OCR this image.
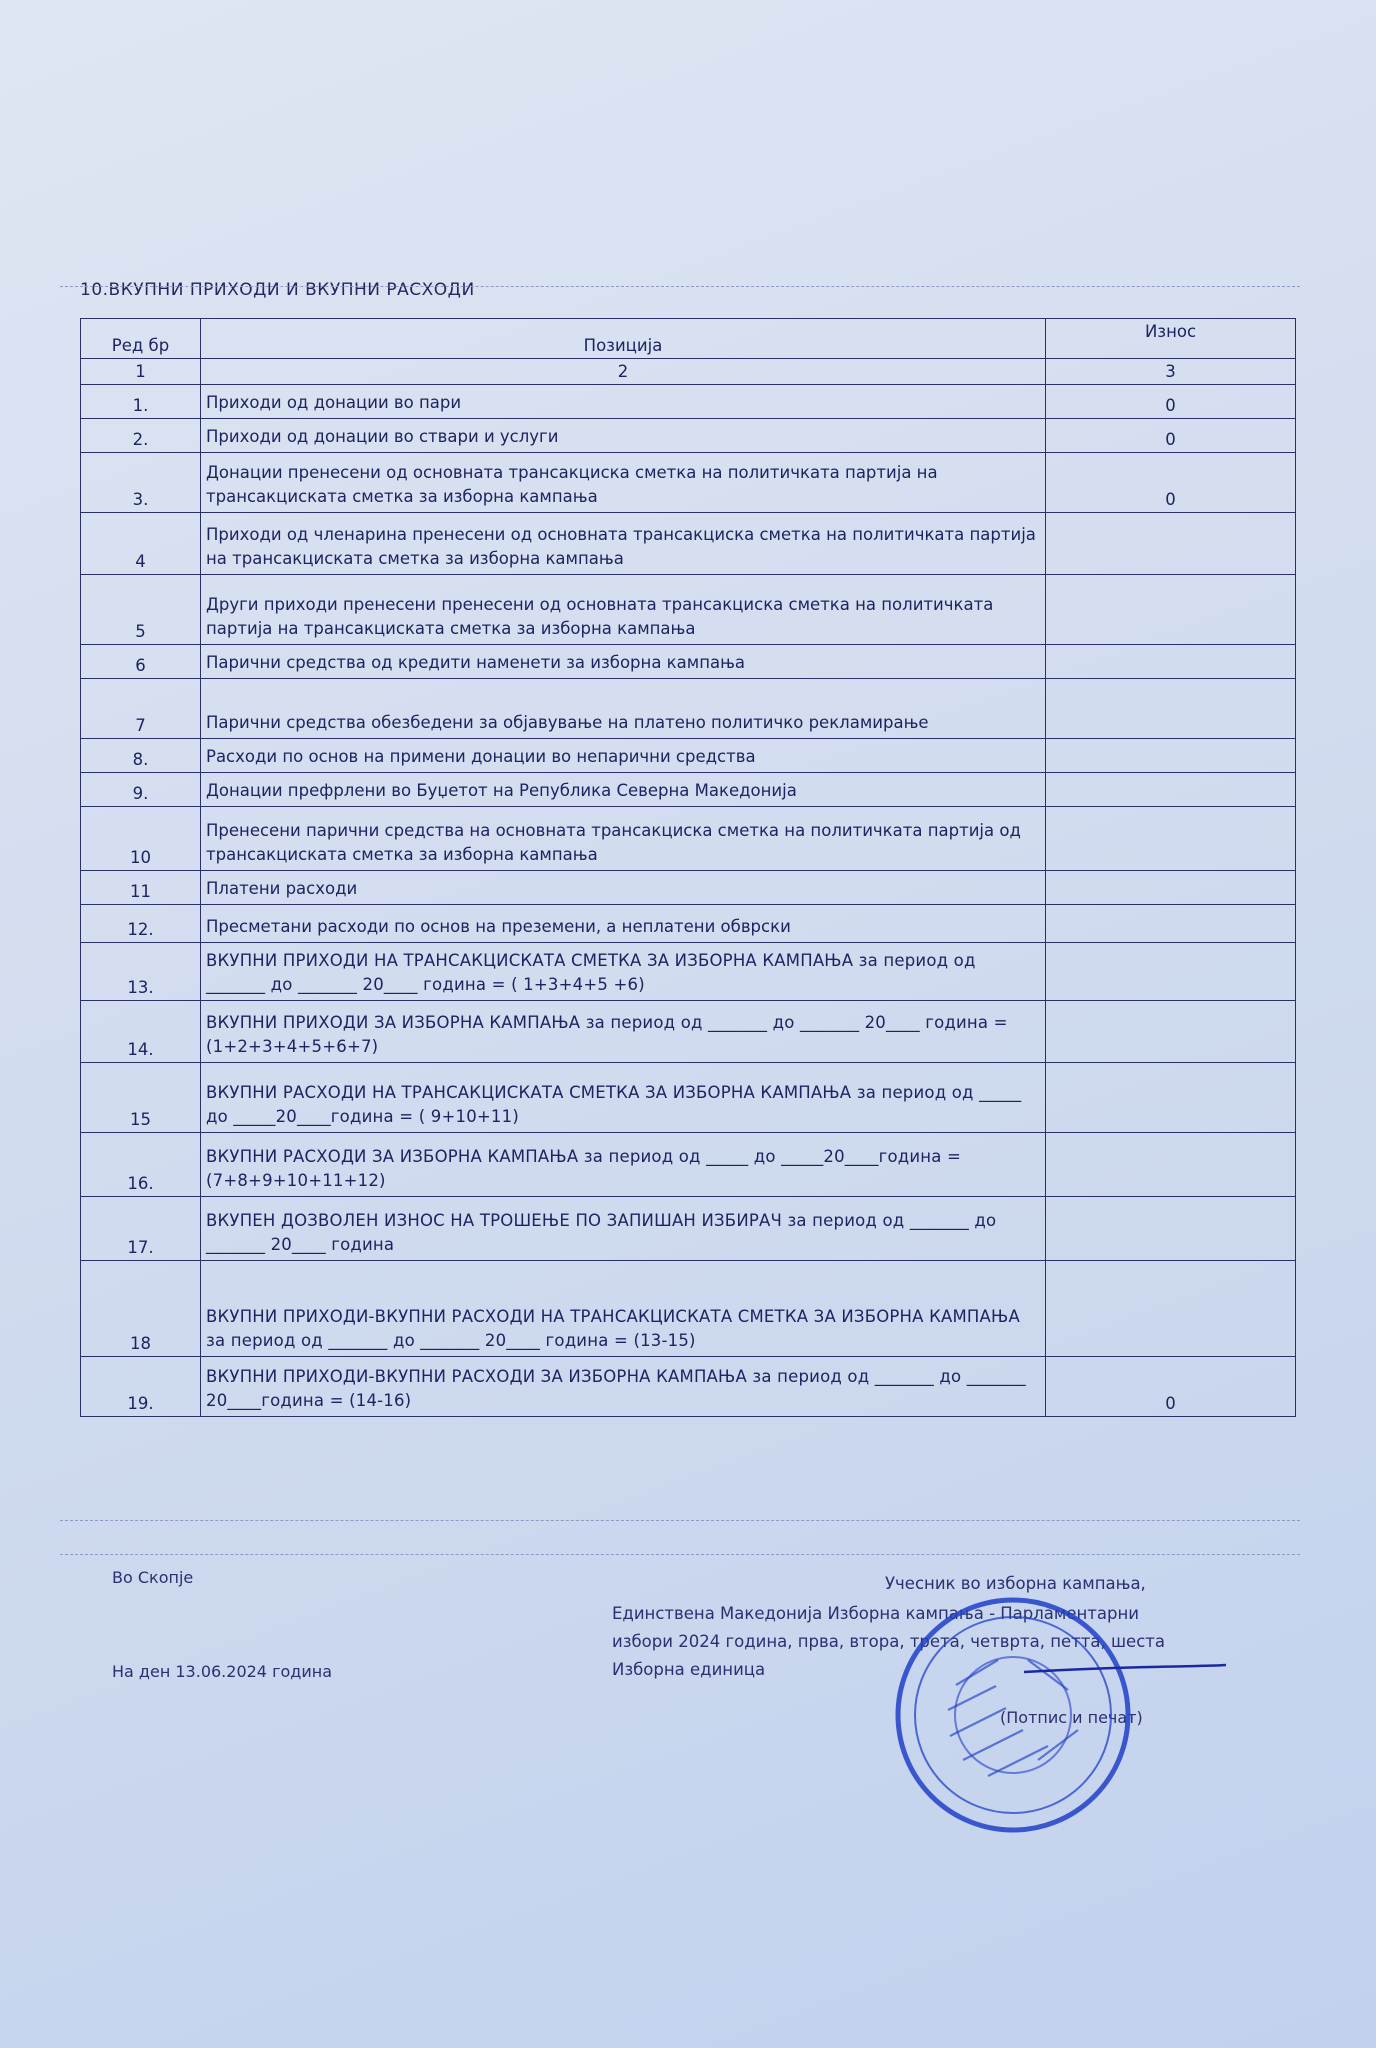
10.ВКУПНИ ПРИХОДИ И ВКУПНИ РАСХОДИ
Ред бр	Позиција	Износ
1	2	3
1.	Приходи од донации во пари	0
2.	Приходи од донации во ствари и услуги	0
3.	Донации пренесени од основната трансакциска сметка на политичката партија на трансакциската сметка за изборна кампања	0
4	Приходи од членарина пренесени од основната трансакциска сметка на политичката партија на трансакциската сметка за изборна кампања	
5	Други приходи пренесени пренесени од основната трансакциска сметка на политичката партија на трансакциската сметка за изборна кампања	
6	Парични средства од кредити наменети за изборна кампања	
7	Парични средства обезбедени за објавување на платено политичко рекламирање	
8.	Расходи по основ на примени донации во непарични средства	
9.	Донации префрлени во Буџетот на Република Северна Македонија	
10	Пренесени парични средства на основната трансакциска сметка на политичката партија од трансакциската сметка за изборна кампања	
11	Платени расходи	
12.	Пресметани расходи по основ на преземени, а неплатени обврски	
13.	ВКУПНИ ПРИХОДИ НА ТРАНСАКЦИСКАТА СМЕТКА ЗА ИЗБОРНА КАМПАЊА за период од _______ до _______ 20____ година = ( 1+3+4+5 +6)	
14.	ВКУПНИ ПРИХОДИ ЗА ИЗБОРНА КАМПАЊА за период од _______ до _______ 20____ година = (1+2+3+4+5+6+7)	
15	ВКУПНИ РАСХОДИ НА ТРАНСАКЦИСКАТА СМЕТКА ЗА ИЗБОРНА КАМПАЊА за период од _____ до _____20____година = ( 9+10+11)	
16.	ВКУПНИ РАСХОДИ ЗА ИЗБОРНА КАМПАЊА за период од _____ до _____20____година = (7+8+9+10+11+12)	
17.	ВКУПЕН ДОЗВОЛЕН ИЗНОС НА ТРОШЕЊЕ ПО ЗАПИШАН ИЗБИРАЧ за период од _______ до _______ 20____ година	
18	ВКУПНИ ПРИХОДИ-ВКУПНИ РАСХОДИ НА ТРАНСАКЦИСКАТА СМЕТКА ЗА ИЗБОРНА КАМПАЊА за период од _______ до _______ 20____ година = (13-15)	
19.	ВКУПНИ ПРИХОДИ-ВКУПНИ РАСХОДИ ЗА ИЗБОРНА КАМПАЊА за период од _______ до _______ 20____година = (14-16)	0
Во Скопје
На ден 13.06.2024 година
Учесник во изборна кампања,
Единствена Македонија Изборна кампања - Парламентарни
избори 2024 година, прва, втора, трета, четврта, петта, шеста
Изборна единица
(Потпис и печат)
